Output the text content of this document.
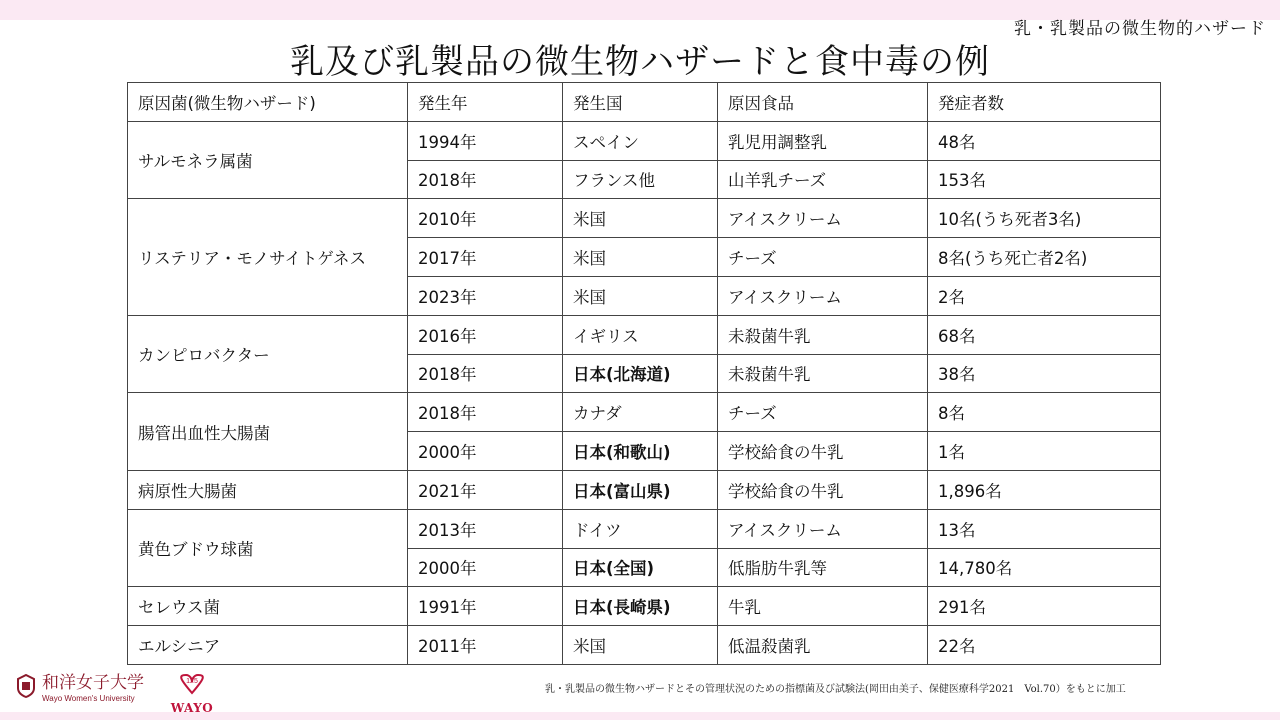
乳・乳製品の微生物的ハザード
乳及び乳製品の微生物ハザードと食中毒の例
原因菌(微生物ハザード)	発生年	発生国	原因食品	発症者数
サルモネラ属菌	1994年	スペイン	乳児用調整乳	48名
	2018年	フランス他	山羊乳チーズ	153名
リステリア・モノサイトゲネス	2010年	米国	アイスクリーム	10名(うち死者3名)
	2017年	米国	チーズ	8名(うち死亡者2名)
	2023年	米国	アイスクリーム	2名
カンピロバクター	2016年	イギリス	未殺菌牛乳	68名
	2018年	日本(北海道)	未殺菌牛乳	38名
腸管出血性大腸菌	2018年	カナダ	チーズ	8名
	2000年	日本(和歌山)	学校給食の牛乳	1名
病原性大腸菌	2021年	日本(富山県)	学校給食の牛乳	1,896名
黄色ブドウ球菌	2013年	ドイツ	アイスクリーム	13名
	2000年	日本(全国)	低脂肪牛乳等	14,780名
セレウス菌	1991年	日本(長崎県)	牛乳	291名
エルシニア	2011年	米国	低温殺菌乳	22名
乳・乳製品の微生物ハザードとその管理状況のための指標菌及び試験法(岡田由美子、保健医療科学2021　Vol.70）をもとに加工
和洋女子大学
Wayo Women's University
125
WAYO
